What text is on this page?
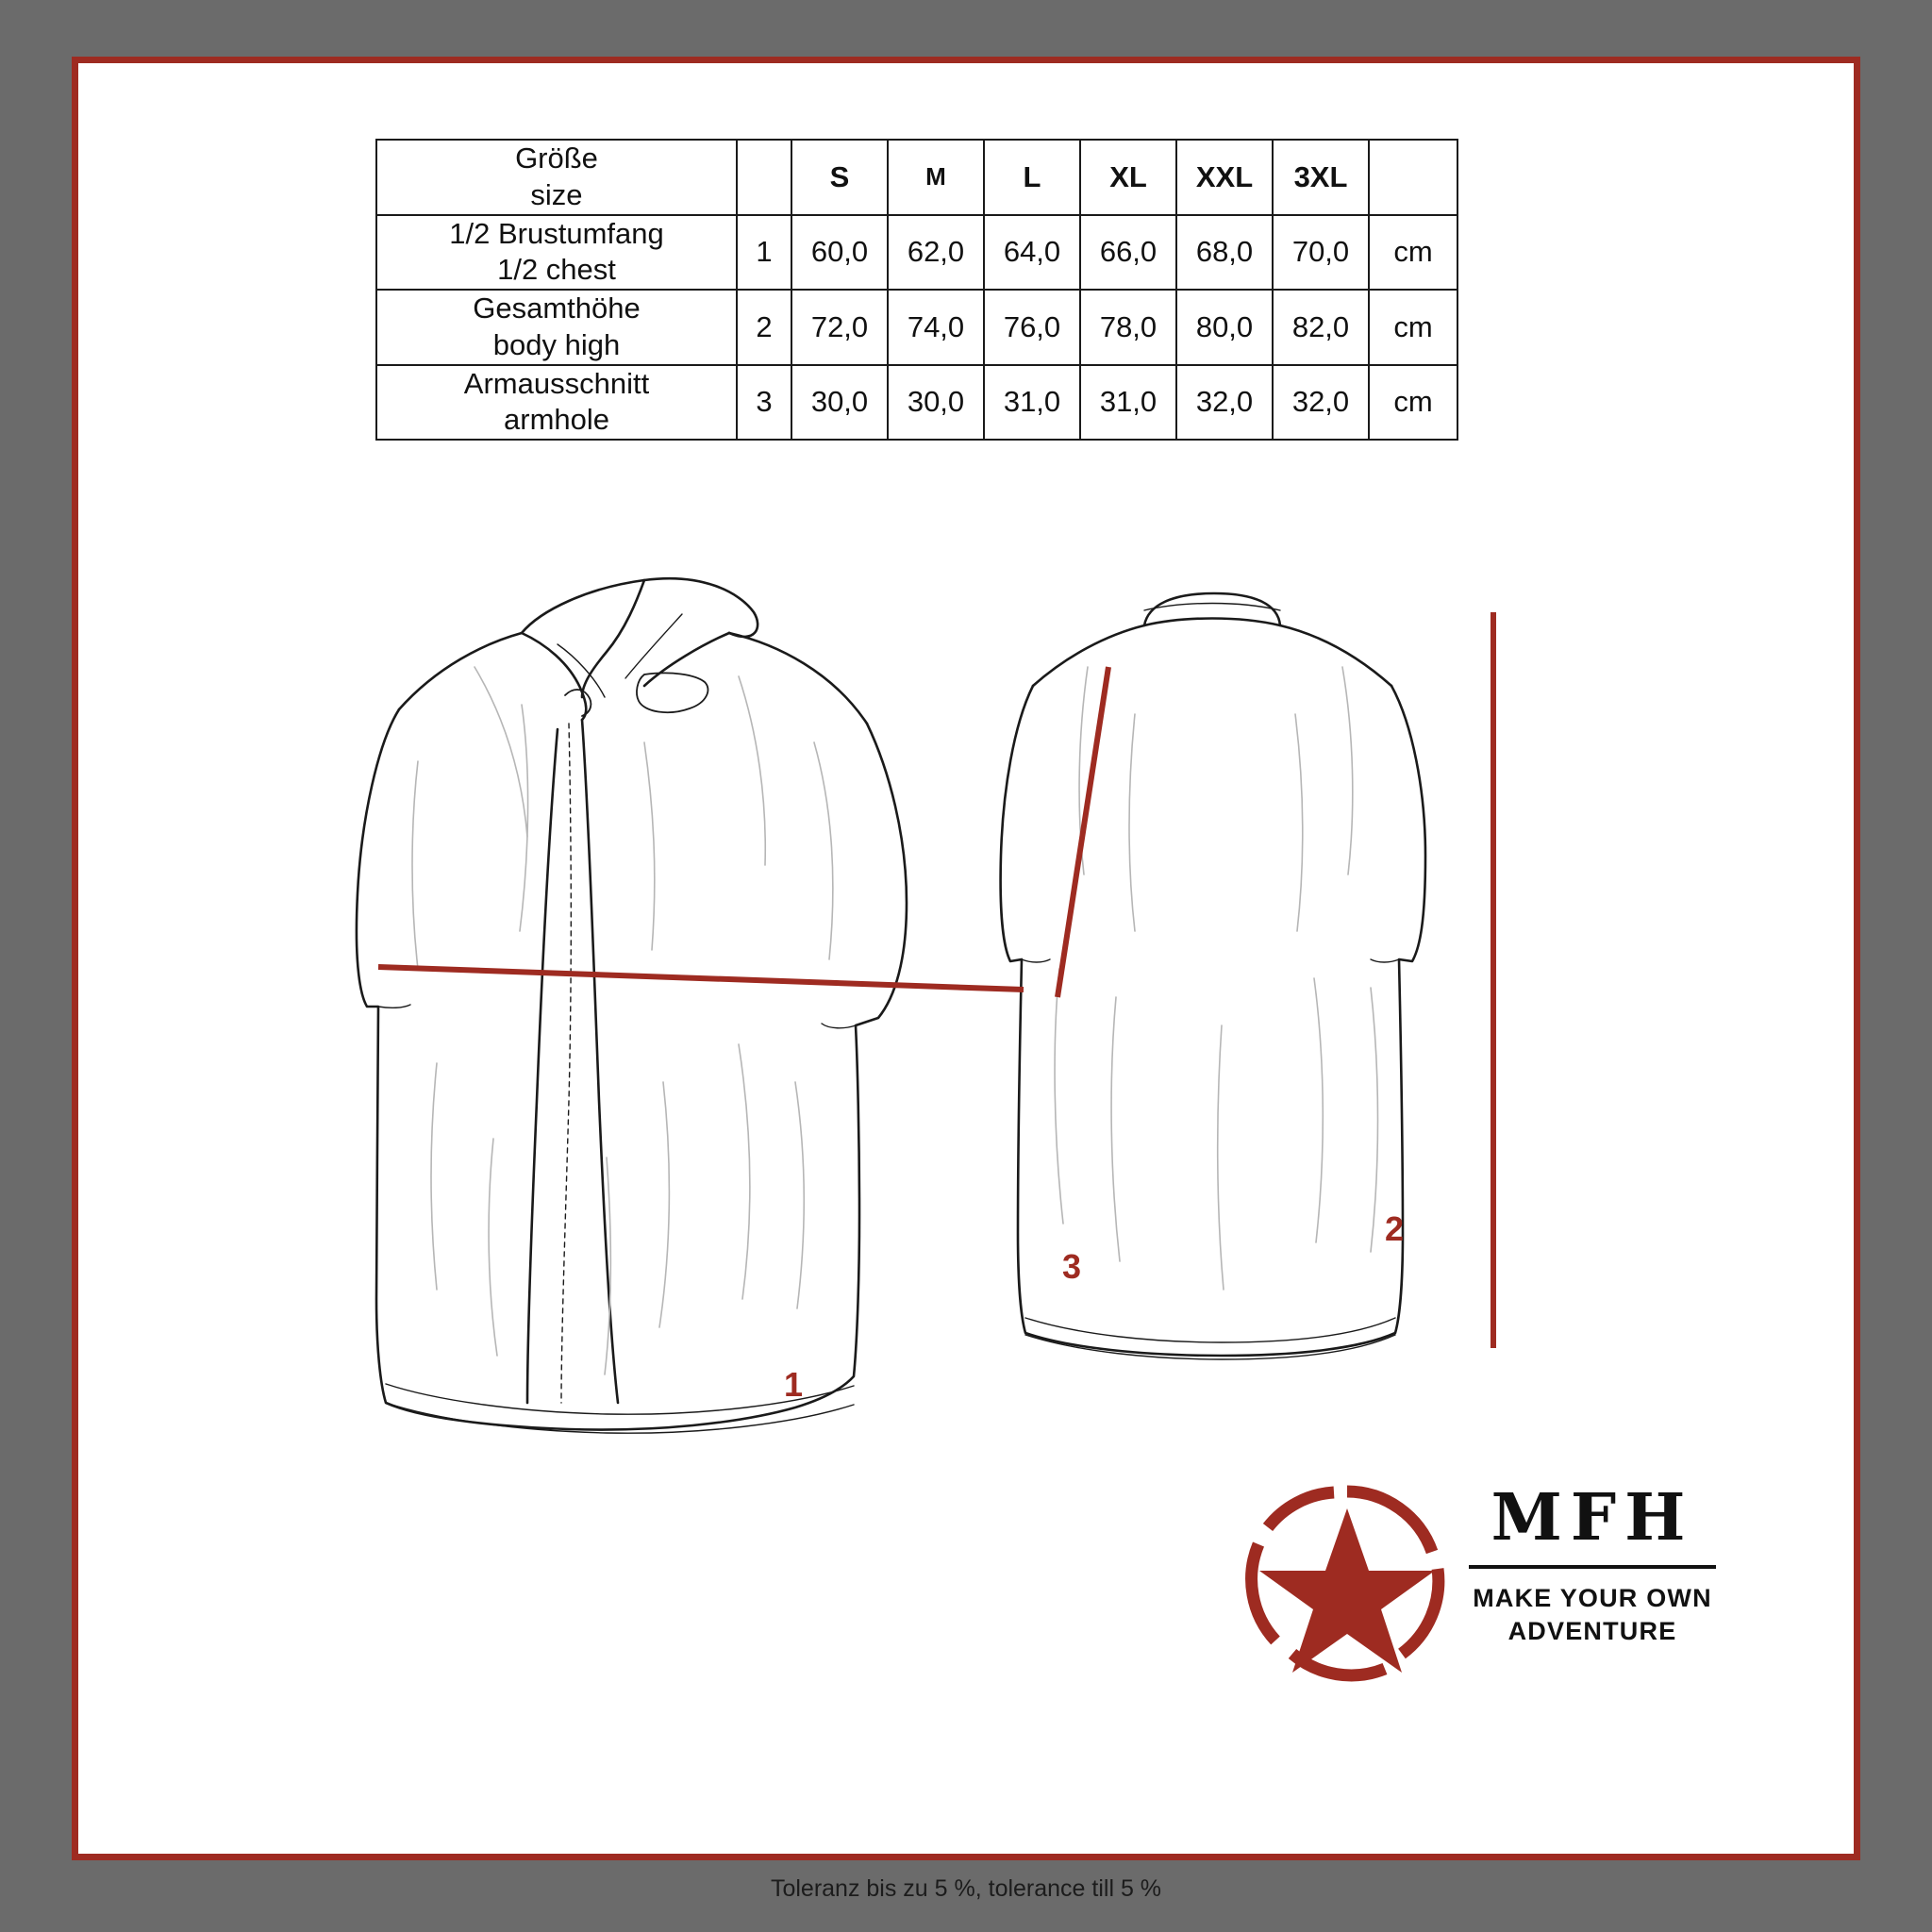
Größe
size		S	M	L	XL	XXL	3XL	

1/2 Brustumfang
1/2 chest	1	60,0	62,0	64,0	66,0	68,0	70,0	cm

Gesamthöhe
body high	2	72,0	74,0	76,0	78,0	80,0	82,0	cm

Armausschnitt
armhole	3	30,0	30,0	31,0	31,0	32,0	32,0	cm
1
2
3
MFH
MAKE YOUR OWN
ADVENTURE
Toleranz bis zu 5 %, tolerance till 5 %
